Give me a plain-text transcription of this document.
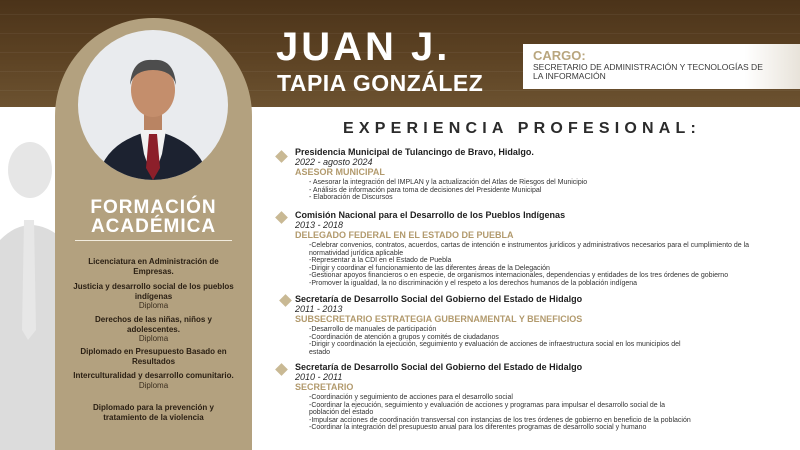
FORMACIÓN
ACADÉMICA
Licenciatura en Administración de Empresas.
Justicia y desarrollo social de los pueblos indígenas
Diploma
Derechos de las niñas, niños y adolescentes.
Diploma
Diplomado en Presupuesto Basado en Resultados
Interculturalidad y desarrollo comunitario.
Diploma
Diplomado para la prevención y tratamiento de la violencia
JUAN J.
TAPIA GONZÁLEZ
CARGO:
SECRETARIO DE ADMINISTRACIÓN Y TECNOLOGÍAS DE LA INFORMACIÓN
EXPERIENCIA PROFESIONAL:
Presidencia Municipal de Tulancingo de Bravo, Hidalgo.
2022 - agosto 2024
ASESOR MUNICIPAL
- Asesorar la integración del IMPLAN y la actualización del Atlas de Riesgos del Municipio
- Análisis de información para toma de decisiones del Presidente Municipal
- Elaboración de Discursos
Comisión Nacional para el Desarrollo de los Pueblos Indígenas
2013 - 2018
DELEGADO FEDERAL EN EL ESTADO DE PUEBLA
-Celebrar convenios, contratos, acuerdos, cartas de intención e instrumentos jurídicos y administrativos necesarios para el cumplimiento de la normatividad jurídica aplicable
-Representar a la CDI en el Estado de Puebla
-Dirigir y coordinar el funcionamiento de las diferentes áreas de la Delegación
-Gestionar apoyos financieros o en especie, de organismos internacionales, dependencias y entidades de los tres órdenes de gobierno
-Promover la igualdad, la no discriminación y el respeto a los derechos humanos de la población indígena
Secretaría de Desarrollo Social del Gobierno del Estado de Hidalgo
2011 - 2013
SUBSECRETARIO ESTRATEGIA GUBERNAMENTAL Y BENEFICIOS
-Desarrollo de manuales de participación
-Coordinación de atención a grupos y comités de ciudadanos
-Dirigir y coordinación la ejecución, seguimiento y evaluación de acciones de infraestructura social en los municipios del estado
Secretaría de Desarrollo Social del Gobierno del Estado de Hidalgo
2010 - 2011
SECRETARIO
-Coordinación y seguimiento de acciones para el desarrollo social
-Coordinar la ejecución, seguimiento y evaluación de acciones y programas para impulsar el desarrollo social de la población del estado
-Impulsar acciones de coordinación transversal con instancias de los tres órdenes de gobierno en beneficio de la población
-Coordinar la integración del presupuesto anual para los diferentes programas de desarrollo social y humano
